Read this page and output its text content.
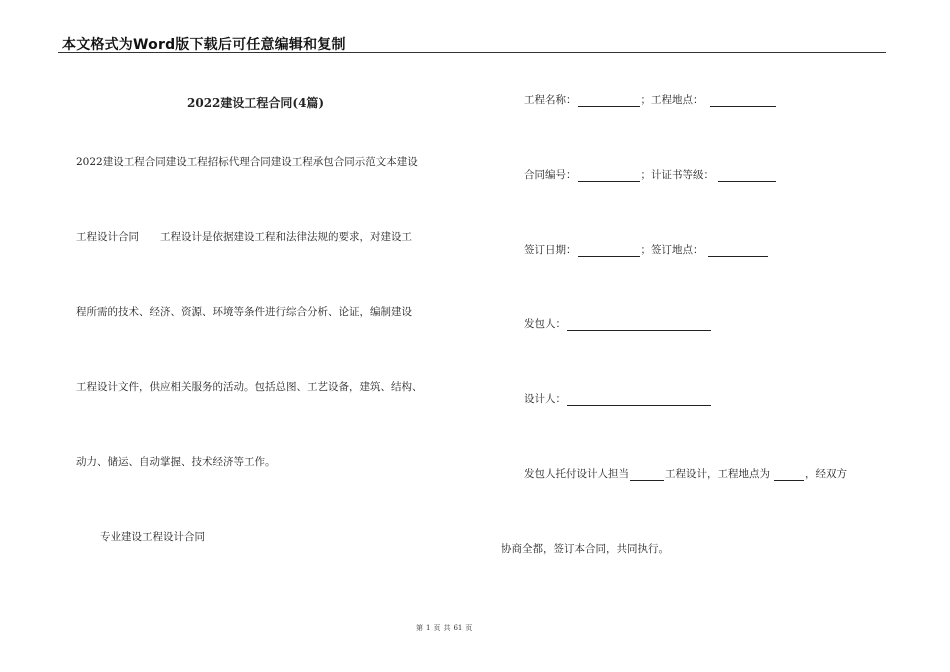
本文格式为Word版下载后可任意编辑和复制
2022建设工程合同(4篇)
2022建设工程合同建设工程招标代理合同建设工程承包合同示范文本建设
工程设计合同　　工程设计是依据建设工程和法律法规的要求，对建设工
程所需的技术、经济、资源、环境等条件进行综合分析、论证，编制建设
工程设计文件，供应相关服务的活动。包括总图、工艺设备，建筑、结构、
动力、储运、自动掌握、技术经济等工作。
专业建设工程设计合同
工程名称：	；工程地点：
合同编号：	；计证书等级：
签订日期：	；签订地点：
发包人：
设计人：
发包人托付设计人担当	工程设计，工程地点为	，经双方
协商全都，签订本合同，共同执行。
第 1 页 共 61 页
